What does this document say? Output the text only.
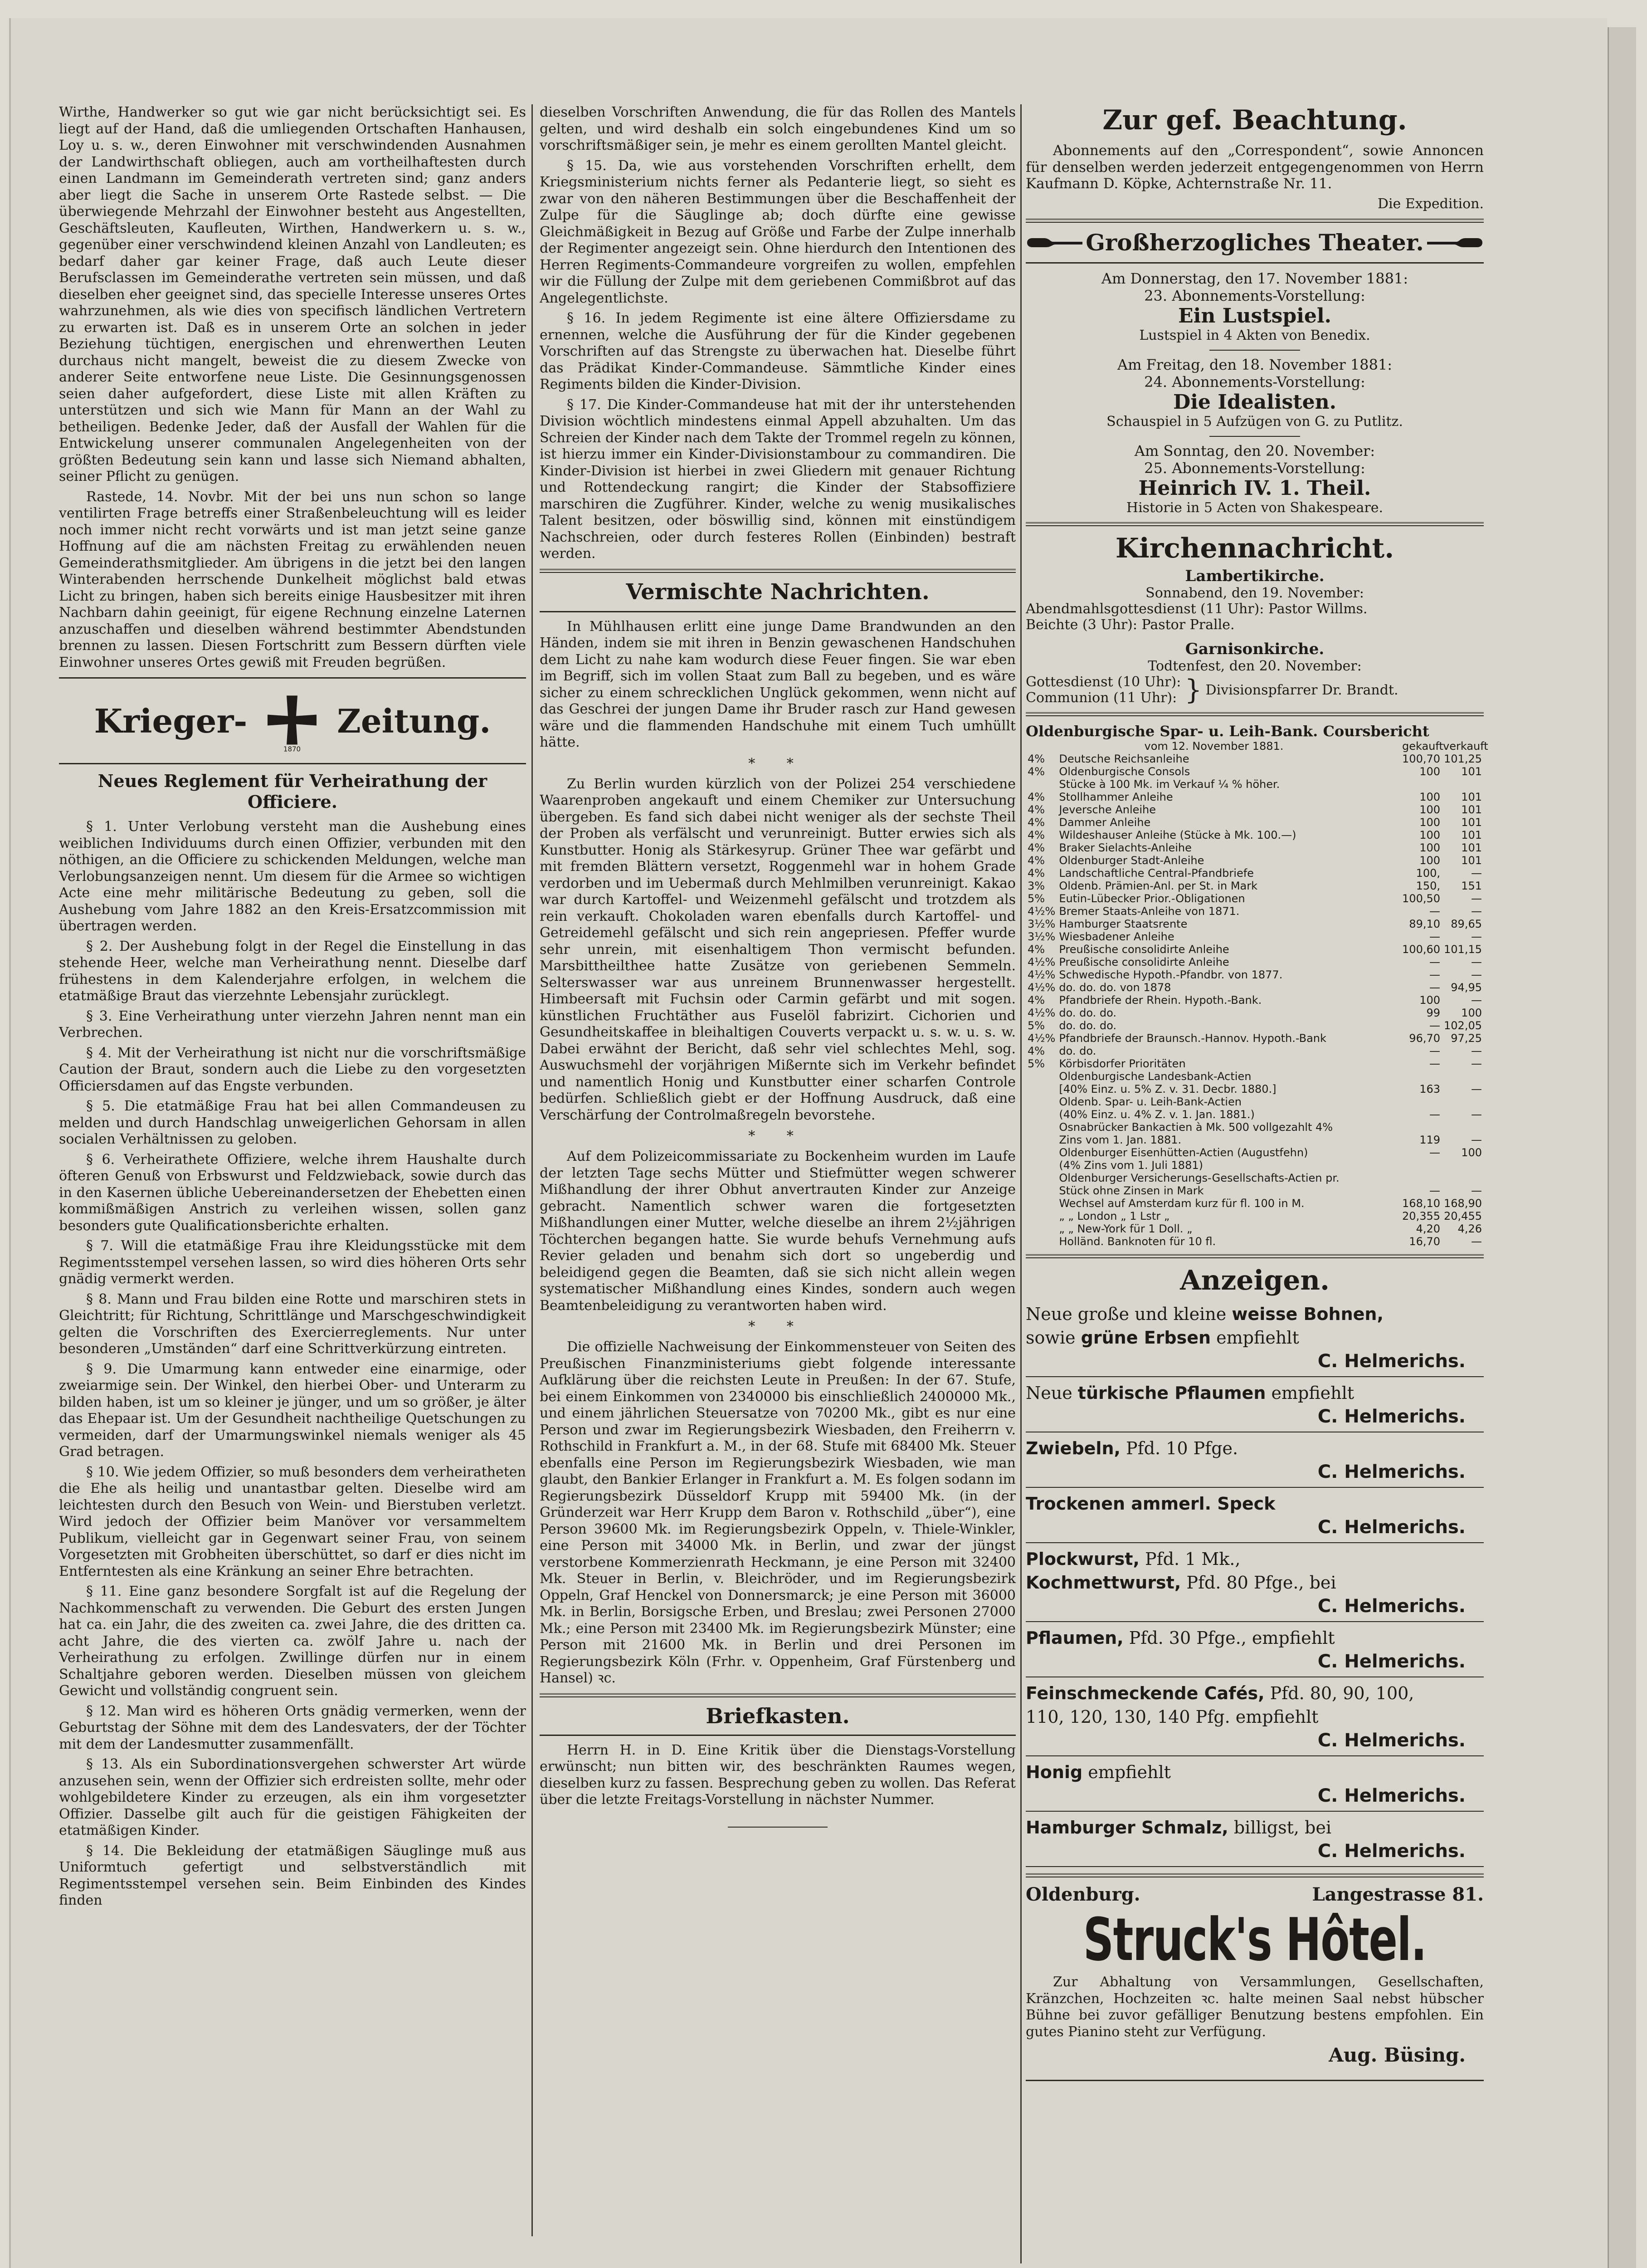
Wirthe, Handwerker so gut wie gar nicht berücksichtigt sei. Es liegt auf der Hand, daß die umliegenden Ortschaften Hanhausen, Loy u. s. w., deren Einwohner mit verschwindenden Ausnahmen der Landwirthschaft obliegen, auch am vortheilhaftesten durch einen Landmann im Gemeinderath vertreten sind; ganz anders aber liegt die Sache in unserem Orte Rastede selbst. — Die überwiegende Mehrzahl der Einwohner besteht aus Angestellten, Geschäftsleuten, Kaufleuten, Wirthen, Handwerkern u. s. w., gegenüber einer verschwindend kleinen Anzahl von Landleuten; es bedarf daher gar keiner Frage, daß auch Leute dieser Berufsclassen im Gemeinderathe vertreten sein müssen, und daß dieselben eher geeignet sind, das specielle Interesse unseres Ortes wahrzunehmen, als wie dies von specifisch ländlichen Vertretern zu erwarten ist. Daß es in unserem Orte an solchen in jeder Beziehung tüchtigen, energischen und ehrenwerthen Leuten durchaus nicht mangelt, beweist die zu diesem Zwecke von anderer Seite entworfene neue Liste. Die Gesinnungsgenossen seien daher aufgefordert, diese Liste mit allen Kräften zu unterstützen und sich wie Mann für Mann an der Wahl zu betheiligen. Bedenke Jeder, daß der Ausfall der Wahlen für die Entwickelung unserer communalen Angelegenheiten von der größten Bedeutung sein kann und lasse sich Niemand abhalten, seiner Pflicht zu genügen.

Rastede, 14. Novbr. Mit der bei uns nun schon so lange ventilirten Frage betreffs einer Straßenbeleuchtung will es leider noch immer nicht recht vorwärts und ist man jetzt seine ganze Hoffnung auf die am nächsten Freitag zu erwählenden neuen Gemeinderathsmitglieder. Am übrigens in die jetzt bei den langen Winterabenden herrschende Dunkelheit möglichst bald etwas Licht zu bringen, haben sich bereits einige Hausbesitzer mit ihren Nachbarn dahin geeinigt, für eigene Rechnung einzelne Laternen anzuschaffen und dieselben während bestimmter Abendstunden brennen zu lassen. Diesen Fortschritt zum Bessern dürften viele Einwohner unseres Ortes gewiß mit Freuden begrüßen.

Krieger-
1870
Zeitung.
Neues Reglement für Verheirathung der Officiere.

§ 1. Unter Verlobung versteht man die Aushebung eines weiblichen Individuums durch einen Offizier, verbunden mit den nöthigen, an die Officiere zu schickenden Meldungen, welche man Verlobungsanzeigen nennt. Um diesem für die Armee so wichtigen Acte eine mehr militärische Bedeutung zu geben, soll die Aushebung vom Jahre 1882 an den Kreis-Ersatzcommission mit übertragen werden.

§ 2. Der Aushebung folgt in der Regel die Einstellung in das stehende Heer, welche man Verheirathung nennt. Dieselbe darf frühestens in dem Kalenderjahre erfolgen, in welchem die etatmäßige Braut das vierzehnte Lebensjahr zurücklegt.

§ 3. Eine Verheirathung unter vierzehn Jahren nennt man ein Verbrechen.

§ 4. Mit der Verheirathung ist nicht nur die vorschriftsmäßige Caution der Braut, sondern auch die Liebe zu den vorgesetzten Officiersdamen auf das Engste verbunden.

§ 5. Die etatmäßige Frau hat bei allen Commandeusen zu melden und durch Handschlag unweigerlichen Gehorsam in allen socialen Verhältnissen zu geloben.

§ 6. Verheirathete Offiziere, welche ihrem Haushalte durch öfteren Genuß von Erbswurst und Feldzwieback, sowie durch das in den Kasernen übliche Uebereinandersetzen der Ehebetten einen kommißmäßigen Anstrich zu verleihen wissen, sollen ganz besonders gute Qualificationsberichte erhalten.

§ 7. Will die etatmäßige Frau ihre Kleidungsstücke mit dem Regimentsstempel versehen lassen, so wird dies höheren Orts sehr gnädig vermerkt werden.

§ 8. Mann und Frau bilden eine Rotte und marschiren stets in Gleichtritt; für Richtung, Schrittlänge und Marschgeschwindigkeit gelten die Vorschriften des Exercierreglements. Nur unter besonderen „Umständen“ darf eine Schrittverkürzung eintreten.

§ 9. Die Umarmung kann entweder eine einarmige, oder zweiarmige sein. Der Winkel, den hierbei Ober- und Unterarm zu bilden haben, ist um so kleiner je jünger, und um so größer, je älter das Ehepaar ist. Um der Gesundheit nachtheilige Quetschungen zu vermeiden, darf der Umarmungswinkel niemals weniger als 45 Grad betragen.

§ 10. Wie jedem Offizier, so muß besonders dem verheiratheten die Ehe als heilig und unantastbar gelten. Dieselbe wird am leichtesten durch den Besuch von Wein- und Bierstuben verletzt. Wird jedoch der Offizier beim Manöver vor versammeltem Publikum, vielleicht gar in Gegenwart seiner Frau, von seinem Vorgesetzten mit Grobheiten überschüttet, so darf er dies nicht im Entferntesten als eine Kränkung an seiner Ehre betrachten.

§ 11. Eine ganz besondere Sorgfalt ist auf die Regelung der Nachkommenschaft zu verwenden. Die Geburt des ersten Jungen hat ca. ein Jahr, die des zweiten ca. zwei Jahre, die des dritten ca. acht Jahre, die des vierten ca. zwölf Jahre u. nach der Verheirathung zu erfolgen. Zwillinge dürfen nur in einem Schaltjahre geboren werden. Dieselben müssen von gleichem Gewicht und vollständig congruent sein.

§ 12. Man wird es höheren Orts gnädig vermerken, wenn der Geburtstag der Söhne mit dem des Landesvaters, der der Töchter mit dem der Landesmutter zusammenfällt.

§ 13. Als ein Subordinationsvergehen schwerster Art würde anzusehen sein, wenn der Offizier sich erdreisten sollte, mehr oder wohlgebildetere Kinder zu erzeugen, als ein ihm vorgesetzter Offizier. Dasselbe gilt auch für die geistigen Fähigkeiten der etatmäßigen Kinder.

§ 14. Die Bekleidung der etatmäßigen Säuglinge muß aus Uniformtuch gefertigt und selbstverständlich mit Regimentsstempel versehen sein. Beim Einbinden des Kindes finden

dieselben Vorschriften Anwendung, die für das Rollen des Mantels gelten, und wird deshalb ein solch eingebundenes Kind um so vorschriftsmäßiger sein, je mehr es einem gerollten Mantel gleicht.

§ 15. Da, wie aus vorstehenden Vorschriften erhellt, dem Kriegsministerium nichts ferner als Pedanterie liegt, so sieht es zwar von den näheren Bestimmungen über die Beschaffenheit der Zulpe für die Säuglinge ab; doch dürfte eine gewisse Gleichmäßigkeit in Bezug auf Größe und Farbe der Zulpe innerhalb der Regimenter angezeigt sein. Ohne hierdurch den Intentionen des Herren Regiments-Commandeure vorgreifen zu wollen, empfehlen wir die Füllung der Zulpe mit dem geriebenen Commißbrot auf das Angelegentlichste.

§ 16. In jedem Regimente ist eine ältere Offiziersdame zu ernennen, welche die Ausführung der für die Kinder gegebenen Vorschriften auf das Strengste zu überwachen hat. Dieselbe führt das Prädikat Kinder-Commandeuse. Sämmtliche Kinder eines Regiments bilden die Kinder-Division.

§ 17. Die Kinder-Commandeuse hat mit der ihr unterstehenden Division wöchtlich mindestens einmal Appell abzuhalten. Um das Schreien der Kinder nach dem Takte der Trommel regeln zu können, ist hierzu immer ein Kinder-Divisionstambour zu commandiren. Die Kinder-Division ist hierbei in zwei Gliedern mit genauer Richtung und Rottendeckung rangirt; die Kinder der Stabsoffiziere marschiren die Zugführer. Kinder, welche zu wenig musikalisches Talent besitzen, oder böswillig sind, können mit einstündigem Nachschreien, oder durch festeres Rollen (Einbinden) bestraft werden.

Vermischte Nachrichten.

In Mühlhausen erlitt eine junge Dame Brandwunden an den Händen, indem sie mit ihren in Benzin gewaschenen Handschuhen dem Licht zu nahe kam wodurch diese Feuer fingen. Sie war eben im Begriff, sich im vollen Staat zum Ball zu begeben, und es wäre sicher zu einem schrecklichen Unglück gekommen, wenn nicht auf das Geschrei der jungen Dame ihr Bruder rasch zur Hand gewesen wäre und die flammenden Handschuhe mit einem Tuch umhüllt hätte.

* *

Zu Berlin wurden kürzlich von der Polizei 254 verschiedene Waarenproben angekauft und einem Chemiker zur Untersuchung übergeben. Es fand sich dabei nicht weniger als der sechste Theil der Proben als verfälscht und verunreinigt. Butter erwies sich als Kunstbutter. Honig als Stärkesyrup. Grüner Thee war gefärbt und mit fremden Blättern versetzt, Roggenmehl war in hohem Grade verdorben und im Uebermaß durch Mehlmilben verunreinigt. Kakao war durch Kartoffel- und Weizenmehl gefälscht und trotzdem als rein verkauft. Chokoladen waren ebenfalls durch Kartoffel- und Getreidemehl gefälscht und sich rein angepriesen. Pfeffer wurde sehr unrein, mit eisenhaltigem Thon vermischt befunden. Marsbittheilthee hatte Zusätze von geriebenen Semmeln. Selterswasser war aus unreinem Brunnenwasser hergestellt. Himbeersaft mit Fuchsin oder Carmin gefärbt und mit sogen. künstlichen Fruchtäther aus Fuselöl fabrizirt. Cichorien und Gesundheitskaffee in bleihaltigen Couverts verpackt u. s. w. u. s. w. Dabei erwähnt der Bericht, daß sehr viel schlechtes Mehl, sog. Auswuchsmehl der vorjährigen Mißernte sich im Verkehr befindet und namentlich Honig und Kunstbutter einer scharfen Controle bedürfen. Schließlich giebt er der Hoffnung Ausdruck, daß eine Verschärfung der Controlmaßregeln bevorstehe.

* *

Auf dem Polizeicommissariate zu Bockenheim wurden im Laufe der letzten Tage sechs Mütter und Stiefmütter wegen schwerer Mißhandlung der ihrer Obhut anvertrauten Kinder zur Anzeige gebracht. Namentlich schwer waren die fortgesetzten Mißhandlungen einer Mutter, welche dieselbe an ihrem 2½jährigen Töchterchen begangen hatte. Sie wurde behufs Vernehmung aufs Revier geladen und benahm sich dort so ungeberdig und beleidigend gegen die Beamten, daß sie sich nicht allein wegen systematischer Mißhandlung eines Kindes, sondern auch wegen Beamtenbeleidigung zu verantworten haben wird.

* *

Die offizielle Nachweisung der Einkommensteuer von Seiten des Preußischen Finanzministeriums giebt folgende interessante Aufklärung über die reichsten Leute in Preußen: In der 67. Stufe, bei einem Einkommen von 2340000 bis einschließlich 2400000 Mk., und einem jährlichen Steuersatze von 70200 Mk., gibt es nur eine Person und zwar im Regierungsbezirk Wiesbaden, den Freiherrn v. Rothschild in Frankfurt a. M., in der 68. Stufe mit 68400 Mk. Steuer ebenfalls eine Person im Regierungsbezirk Wiesbaden, wie man glaubt, den Bankier Erlanger in Frankfurt a. M. Es folgen sodann im Regierungsbezirk Düsseldorf Krupp mit 59400 Mk. (in der Gründerzeit war Herr Krupp dem Baron v. Rothschild „über“), eine Person 39600 Mk. im Regierungsbezirk Oppeln, v. Thiele-Winkler, eine Person mit 34000 Mk. in Berlin, und zwar der jüngst verstorbene Kommerzienrath Heckmann, je eine Person mit 32400 Mk. Steuer in Berlin, v. Bleichröder, und im Regierungsbezirk Oppeln, Graf Henckel von Donnersmarck; je eine Person mit 36000 Mk. in Berlin, Borsigsche Erben, und Breslau; zwei Personen 27000 Mk.; eine Person mit 23400 Mk. im Regierungsbezirk Münster; eine Person mit 21600 Mk. in Berlin und drei Personen im Regierungsbezirk Köln (Frhr. v. Oppenheim, Graf Fürstenberg und Hansel) ꝛc.

Briefkasten.

Herrn H. in D. Eine Kritik über die Dienstags-Vorstellung erwünscht; nun bitten wir, des beschränkten Raumes wegen, dieselben kurz zu fassen. Besprechung geben zu wollen. Das Referat über die letzte Freitags-Vorstellung in nächster Nummer.

Zur gef. Beachtung.

Abonnements auf den „Correspondent“, sowie Annoncen für denselben werden jederzeit entgegengenommen von Herrn Kaufmann D. Köpke, Achternstraße Nr. 11.

Die Expedition.

Großherzogliches Theater.
Am Donnerstag, den 17. November 1881:
23. Abonnements-Vorstellung:
Ein Lustspiel.
Lustspiel in 4 Akten von Benedix.
Am Freitag, den 18. November 1881:
24. Abonnements-Vorstellung:
Die Idealisten.
Schauspiel in 5 Aufzügen von G. zu Putlitz.
Am Sonntag, den 20. November:
25. Abonnements-Vorstellung:
Heinrich IV. 1. Theil.
Historie in 5 Acten von Shakespeare.
Kirchennachricht.
Lambertikirche.
Sonnabend, den 19. November:
Abendmahlsgottesdienst (11 Uhr): Pastor Willms.
Beichte (3 Uhr): Pastor Pralle.
Garnisonkirche.
Todtenfest, den 20. November:
Gottesdienst (10 Uhr):
Communion (11 Uhr): } Divisionspfarrer Dr. Brandt.
Oldenburgische Spar- u. Leih-Bank. Coursbericht
vom 12. November 1881.	gekauft verkauft
4%	Deutsche Reichsanleihe	100,70	101,25
4%	Oldenburgische Consols	100	101
	Stücke à 100 Mk. im Verkauf ¼ % höher.		
4%	Stollhammer Anleihe	100	101
4%	Jeversche Anleihe	100	101
4%	Dammer Anleihe	100	101
4%	Wildeshauser Anleihe (Stücke à Mk. 100.—)	100	101
4%	Braker Sielachts-Anleihe	100	101
4%	Oldenburger Stadt-Anleihe	100	101
4%	Landschaftliche Central-Pfandbriefe	100,	—
3%	Oldenb. Prämien-Anl. per St. in Mark	150,	151
5%	Eutin-Lübecker Prior.-Obligationen	100,50	—
4½%	Bremer Staats-Anleihe von 1871.	—	—
3½%	Hamburger Staatsrente	89,10	89,65
3½%	Wiesbadener Anleihe	—	—
4%	Preußische consolidirte Anleihe	100,60	101,15
4½%	Preußische consolidirte Anleihe	—	—
4½%	Schwedische Hypoth.-Pfandbr. von 1877.	—	—
4½%	do. do. do. von 1878	—	94,95
4%	Pfandbriefe der Rhein. Hypoth.-Bank.	100	—
4½%	do. do. do.	99	100
5%	do. do. do.	—	102,05
4½%	Pfandbriefe der Braunsch.-Hannov. Hypoth.-Bank	96,70	97,25
4%	do. do.	—	—
5%	Körbisdorfer Prioritäten	—	—
	Oldenburgische Landesbank-Actien		
	[40% Einz. u. 5% Z. v. 31. Decbr. 1880.]	163	—
	Oldenb. Spar- u. Leih-Bank-Actien		
	(40% Einz. u. 4% Z. v. 1. Jan. 1881.)	—	—
	Osnabrücker Bankactien à Mk. 500 vollgezahlt 4%		
	Zins vom 1. Jan. 1881.	119	—
	Oldenburger Eisenhütten-Actien (Augustfehn)	—	100
	(4% Zins vom 1. Juli 1881)		
	Oldenburger Versicherungs-Gesellschafts-Actien pr.		
	Stück ohne Zinsen in Mark	—	—
	Wechsel auf Amsterdam kurz für fl. 100 in M.	168,10	168,90
	„ „ London „ 1 Lstr „	20,355	20,455
	„ „ New-York für 1 Doll. „	4,20	4,26
	Holländ. Banknoten für 10 fl.	16,70	—
Anzeigen.
Neue große und kleine weisse Bohnen,
sowie grüne Erbsen empfiehlt
C. Helmerichs.
Neue türkische Pflaumen empfiehlt
C. Helmerichs.
Zwiebeln, Pfd. 10 Pfge.
C. Helmerichs.
Trockenen ammerl. Speck
C. Helmerichs.
Plockwurst, Pfd. 1 Mk.,
Kochmettwurst, Pfd. 80 Pfge., bei
C. Helmerichs.
Pflaumen, Pfd. 30 Pfge., empfiehlt
C. Helmerichs.
Feinschmeckende Cafés, Pfd. 80, 90, 100,
110, 120, 130, 140 Pfg. empfiehlt
C. Helmerichs.
Honig empfiehlt
C. Helmerichs.
Hamburger Schmalz, billigst, bei
C. Helmerichs.
Oldenburg.	Langestrasse 81.
Struck's Hôtel.

Zur Abhaltung von Versammlungen, Gesellschaften, Kränzchen, Hochzeiten ꝛc. halte meinen Saal nebst hübscher Bühne bei zuvor gefälliger Benutzung bestens empfohlen. Ein gutes Pianino steht zur Verfügung.

Aug. Büsing.
